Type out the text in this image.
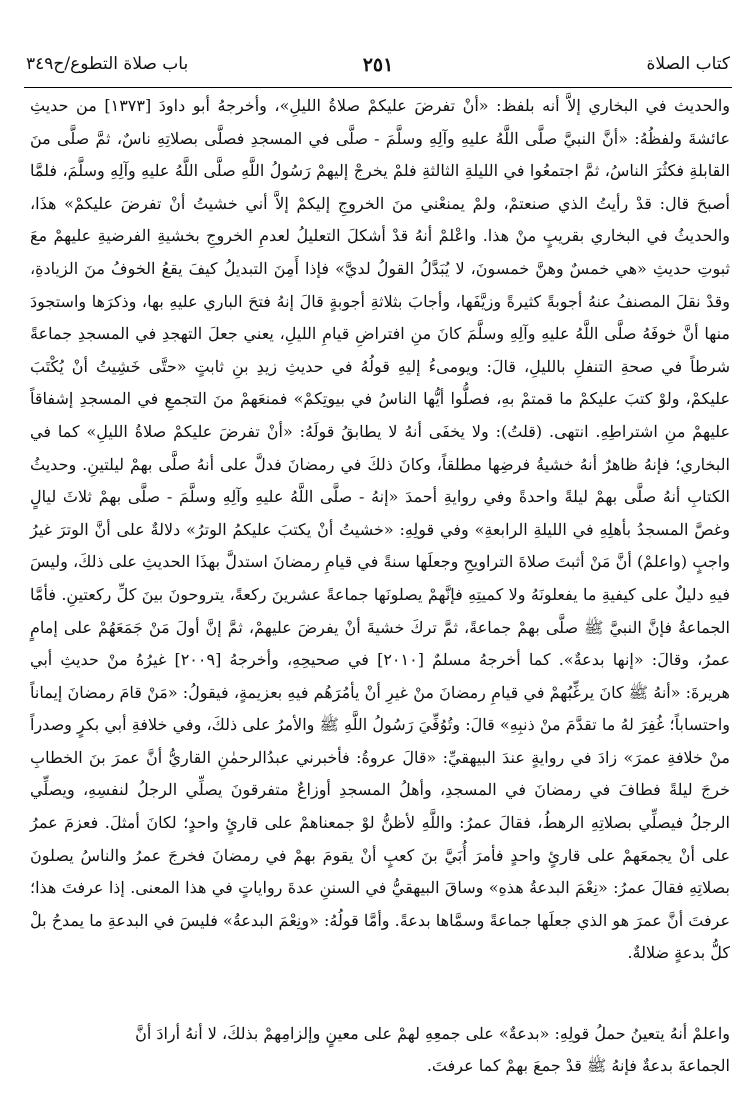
كتاب الصلاة
٢٥١
باب صلاة التطوع/ح٣٤٩

والحديث في البخاري إلاَّ أنه بلفظ: «أنْ تفرضَ عليكمْ صلاةُ الليلِ»، وأخرجهُ أبو داودَ [١٣٧٣] من حديثِ عائشةَ ولفظُهُ: «أنَّ النبيَّ صلَّى اللَّهُ عليهِ وآلِهِ وسلَّمَ - صلَّى في المسجدِ فصلَّى بصلاتِهِ ناسٌ، ثمَّ صلَّى منَ القابلةِ فكثُرَ الناسُ، ثمَّ اجتمعُوا في الليلةِ الثالثةِ فلمْ يخرجْ إليهمْ رَسُولُ اللَّهِ صلَّى اللَّهُ عليهِ وآلِهِ وسلَّمَ، فلمَّا أصبحَ قال: قدْ رأيتُ الذي صنعتمْ، ولمْ يمنعْني منَ الخروجِ إليكمْ إلاَّ أني خشيتُ أنْ تفرضَ عليكمْ» هذَا، والحديثُ في البخاري بقريبٍ منْ هذا. واعْلمْ أنهُ قدْ أشكلَ التعليلُ لعدمِ الخروجِ بخشيةِ الفرضيةِ عليهمْ معَ ثبوتِ حديثِ «هي خمسٌ وهنَّ خمسونَ، لا يُبَدَّلُ القولُ لديَّ» فإذا أَمِنَ التبديلُ كيفَ يقعُ الخوفُ منَ الزيادةِ، وقدْ نقلَ المصنفُ عنهُ أجوبةً كثيرةً وزيَّفَها، وأجابَ بثلاثةِ أجوبةٍ قالَ إنهُ فتحَ الباري عليهِ بها، وذكرَها واستجودَ منها أنَّ خوفَهُ صلَّى اللَّهُ عليهِ وآلِهِ وسلَّمَ كانَ منِ افتراضِ قيامِ الليلِ، يعني جعلَ التهجدِ في المسجدِ جماعةً شرطاً في صحةِ التنفلِ بالليلِ، قالَ: ويومىءُ إليهِ قولُهُ في حديثِ زيدِ بنِ ثابتٍ «حتَّى خَشِيتُ أنْ يُكْتَبَ عليكمْ، ولوْ كتبَ عليكمْ ما قمتمْ بهِ، فصلُّوا أيُّها الناسُ في بيوتِكمْ» فمنعَهمْ منَ التجمعِ في المسجدِ إشفاقاً عليهمْ منِ اشتراطِهِ. انتهى. (قلتُ): ولا يخفَى أنهُ لا يطابقُ قولَهُ: «أنْ تفرضَ عليكمْ صلاةُ الليلِ» كما في البخاري؛ فإنهُ ظاهرٌ أنهُ خشيةُ فرضِها مطلقاً، وكانَ ذلكَ في رمضانَ فدلَّ على أنهُ صلَّى بهمْ ليلتينِ. وحديثُ الكتابِ أنهُ صلَّى بهمْ ليلةً واحدةً وفي روايةِ أحمدَ «إنهُ - صلَّى اللَّهُ عليهِ وآلِهِ وسلَّمَ - صلَّى بهمْ ثلاثَ ليالٍ وغصَّ المسجدُ بأهلِهِ في الليلةِ الرابعةِ» وفي قولِهِ: «خشيتُ أنْ يكتبَ عليكمُ الوترُ» دلالةٌ على أنَّ الوترَ غيرُ واجبٍ (واعلمْ) أنَّ مَنْ أثبتَ صلاةَ التراويحِ وجعلَها سنةً في قيامِ رمضانَ استدلَّ بهذَا الحديثِ على ذلكَ، وليسَ فيهِ دليلٌ على كيفيةِ ما يفعلونَهُ ولا كميتِهِ فإنَّهمْ يصلونَها جماعةً عشرينَ ركعةً، يتروحونَ بينَ كلِّ ركعتينِ. فأمَّا الجماعةُ فإنَّ النبيَّ ﷺ صلَّى بهمْ جماعةً، ثمَّ تركَ خشيةَ أنْ يفرضَ عليهمْ، ثمَّ إنَّ أولَ مَنْ جَمَعَهُمْ على إمامٍ عمرُ، وقالَ: «إنها بدعةٌ». كما أخرجهُ مسلمٌ [٢٠١٠] في صحيحِهِ، وأخرجهُ [٢٠٠٩] غيرُهُ منْ حديثِ أبي هريرةَ: «أنهُ ﷺ كانَ يرغِّبُهمْ في قيامِ رمضانَ منْ غيرِ أنْ يأمُرَهُم فيهِ بعزيمةٍ، فيقولُ: «مَنْ قامَ رمضانَ إيماناً واحتساباً؛ غُفِرَ لهُ ما تقدَّمَ منْ ذنبِهِ» قالَ: وتُوُفِّيَ رَسُولُ اللَّهِ ﷺ والأمرُ على ذلكَ، وفي خلافةِ أبي بكرٍ وصدراً منْ خلافةِ عمرَ» زادَ في روايةٍ عندَ البيهقيِّ: «قالَ عروةُ: فأخبرني عبدُالرحمٰنِ القاريُّ أنَّ عمرَ بنَ الخطابِ خرجَ ليلةً فطافَ في رمضانَ في المسجدِ، وأهلُ المسجدِ أوزاعٌ متفرقونَ يصلِّي الرجلُ لنفسِهِ، ويصلِّي الرجلُ فيصلِّي بصلاتِهِ الرهطُ، فقالَ عمرُ: واللَّهِ لأظنُّ لوْ جمعناهمْ على قارئٍ واحدٍ؛ لكانَ أمثلَ. فعزمَ عمرُ على أنْ يجمعَهمْ على قارئٍ واحدٍ فأمرَ أُبَيَّ بنَ كعبٍ أنْ يقومَ بهمْ في رمضانَ فخرجَ عمرُ والناسُ يصلونَ بصلاتِهِ فقالَ عمرُ: «نِعْمَ البدعةُ هذهِ» وساقَ البيهقيُّ في السننِ عدةَ رواياتٍ في هذا المعنى. إذا عرفتَ هذا؛ عرفتَ أنَّ عمرَ هو الذي جعلَها جماعةً وسمَّاها بدعةً. وأمَّا قولُهُ: «ونِعْمَ البدعةُ» فليسَ في البدعةِ ما يمدحُ بلْ كلُّ بدعةٍ ضلالةٌ.

واعلمْ أنهُ يتعينُ حملُ قولِهِ: «بدعةٌ» على جمعِهِ لهمْ على معينٍ وإلزامِهمْ بذلكَ، لا أنهُ أرادَ أنَّ

الجماعةَ بدعةٌ فإنهُ ﷺ قدْ جمعَ بهمْ كما عرفتَ.
